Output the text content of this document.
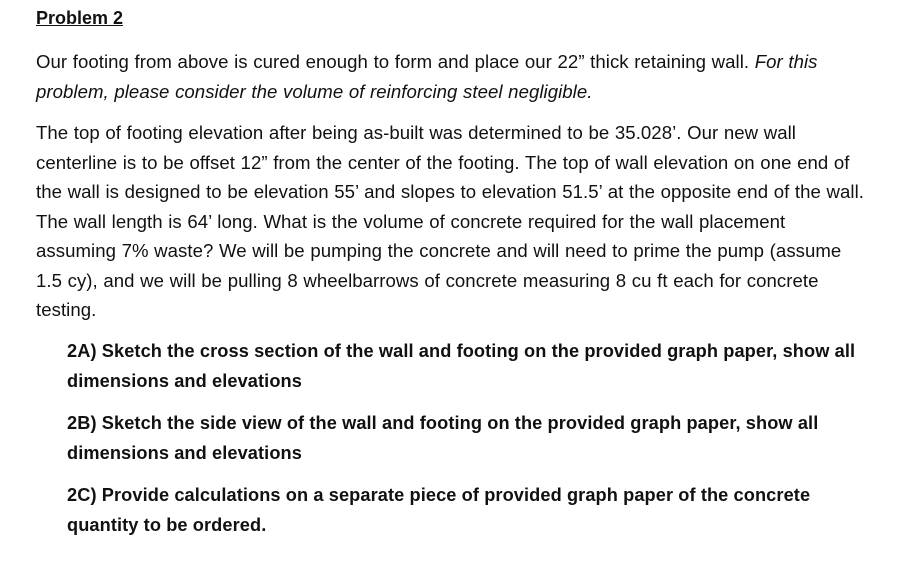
Problem 2

Our footing from above is cured enough to form and place our 22” thick retaining wall. For this problem, please consider the volume of reinforcing steel negligible.

The top of footing elevation after being as-built was determined to be 35.028’. Our new wall centerline is to be offset 12” from the center of the footing. The top of wall elevation on one end of the wall is designed to be elevation 55’ and slopes to elevation 51.5’ at the opposite end of the wall. The wall length is 64’ long. What is the volume of concrete required for the wall placement assuming 7% waste? We will be pumping the concrete and will need to prime the pump (assume 1.5 cy), and we will be pulling 8 wheelbarrows of concrete measuring 8 cu ft each for concrete testing.

2A) Sketch the cross section of the wall and footing on the provided graph paper, show all dimensions and elevations

2B) Sketch the side view of the wall and footing on the provided graph paper, show all dimensions and elevations

2C) Provide calculations on a separate piece of provided graph paper of the concrete quantity to be ordered.
